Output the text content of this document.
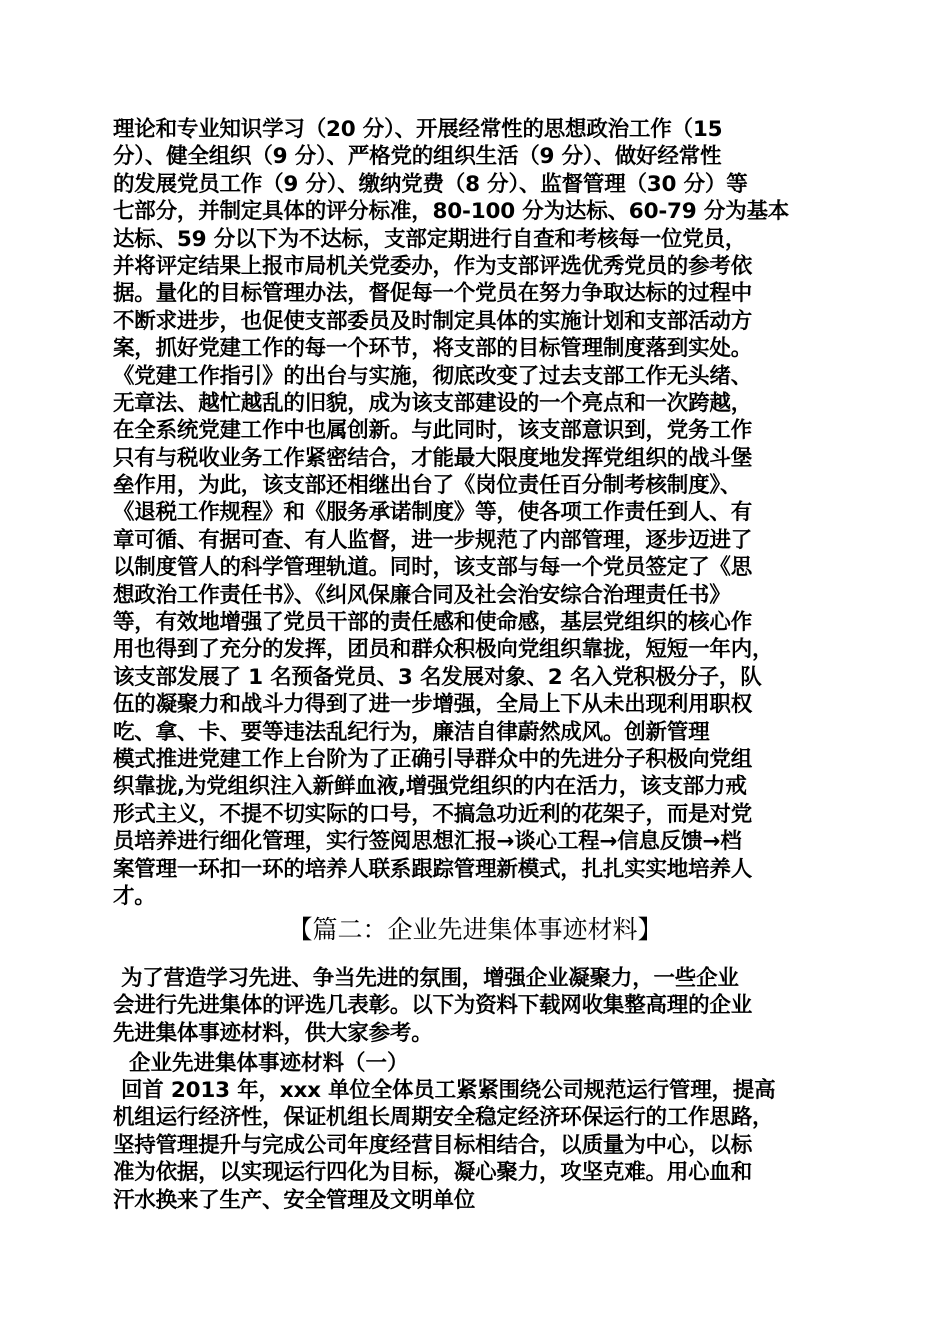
理论和专业知识学习（20 分）、开展经常性的思想政治工作（15
分）、健全组织（9 分）、严格党的组织生活（9 分）、做好经常性
的发展党员工作（9 分）、缴纳党费（8 分）、监督管理（30 分）等
七部分，并制定具体的评分标准，80-100 分为达标、60-79 分为基本
达标、59 分以下为不达标，支部定期进行自查和考核每一位党员，
并将评定结果上报市局机关党委办，作为支部评选优秀党员的参考依
据。量化的目标管理办法，督促每一个党员在努力争取达标的过程中
不断求进步，也促使支部委员及时制定具体的实施计划和支部活动方
案，抓好党建工作的每一个环节，将支部的目标管理制度落到实处。
《党建工作指引》的出台与实施，彻底改变了过去支部工作无头绪、
无章法、越忙越乱的旧貌，成为该支部建设的一个亮点和一次跨越，
在全系统党建工作中也属创新。与此同时，该支部意识到，党务工作
只有与税收业务工作紧密结合，才能最大限度地发挥党组织的战斗堡
垒作用，为此，该支部还相继出台了《岗位责任百分制考核制度》、
《退税工作规程》和《服务承诺制度》等，使各项工作责任到人、有
章可循、有据可查、有人监督，进一步规范了内部管理，逐步迈进了
以制度管人的科学管理轨道。同时，该支部与每一个党员签定了《思
想政治工作责任书》、《纠风保廉合同及社会治安综合治理责任书》
等，有效地增强了党员干部的责任感和使命感，基层党组织的核心作
用也得到了充分的发挥，团员和群众积极向党组织靠拢，短短一年内，
该支部发展了 1 名预备党员、3 名发展对象、2 名入党积极分子，队
伍的凝聚力和战斗力得到了进一步增强，全局上下从未出现利用职权
吃、拿、卡、要等违法乱纪行为，廉洁自律蔚然成风。创新管理
模式推进党建工作上台阶为了正确引导群众中的先进分子积极向党组
织靠拢,为党组织注入新鲜血液,增强党组织的内在活力，该支部力戒
形式主义，不提不切实际的口号，不搞急功近利的花架子，而是对党
员培养进行细化管理，实行签阅思想汇报→谈心工程→信息反馈→档
案管理一环扣一环的培养人联系跟踪管理新模式，扎扎实实地培养人
才。
【篇二：企业先进集体事迹材料】
为了营造学习先进、争当先进的氛围，增强企业凝聚力，一些企业
会进行先进集体的评选几表彰。以下为资料下载网收集整高理的企业
先进集体事迹材料，供大家参考。
企业先进集体事迹材料（一）
回首 2013 年，xxx 单位全体员工紧紧围绕公司规范运行管理，提高
机组运行经济性，保证机组长周期安全稳定经济环保运行的工作思路，
坚持管理提升与完成公司年度经营目标相结合，以质量为中心，以标
准为依据，以实现运行四化为目标，凝心聚力，攻坚克难。用心血和
汗水换来了生产、安全管理及文明单位
